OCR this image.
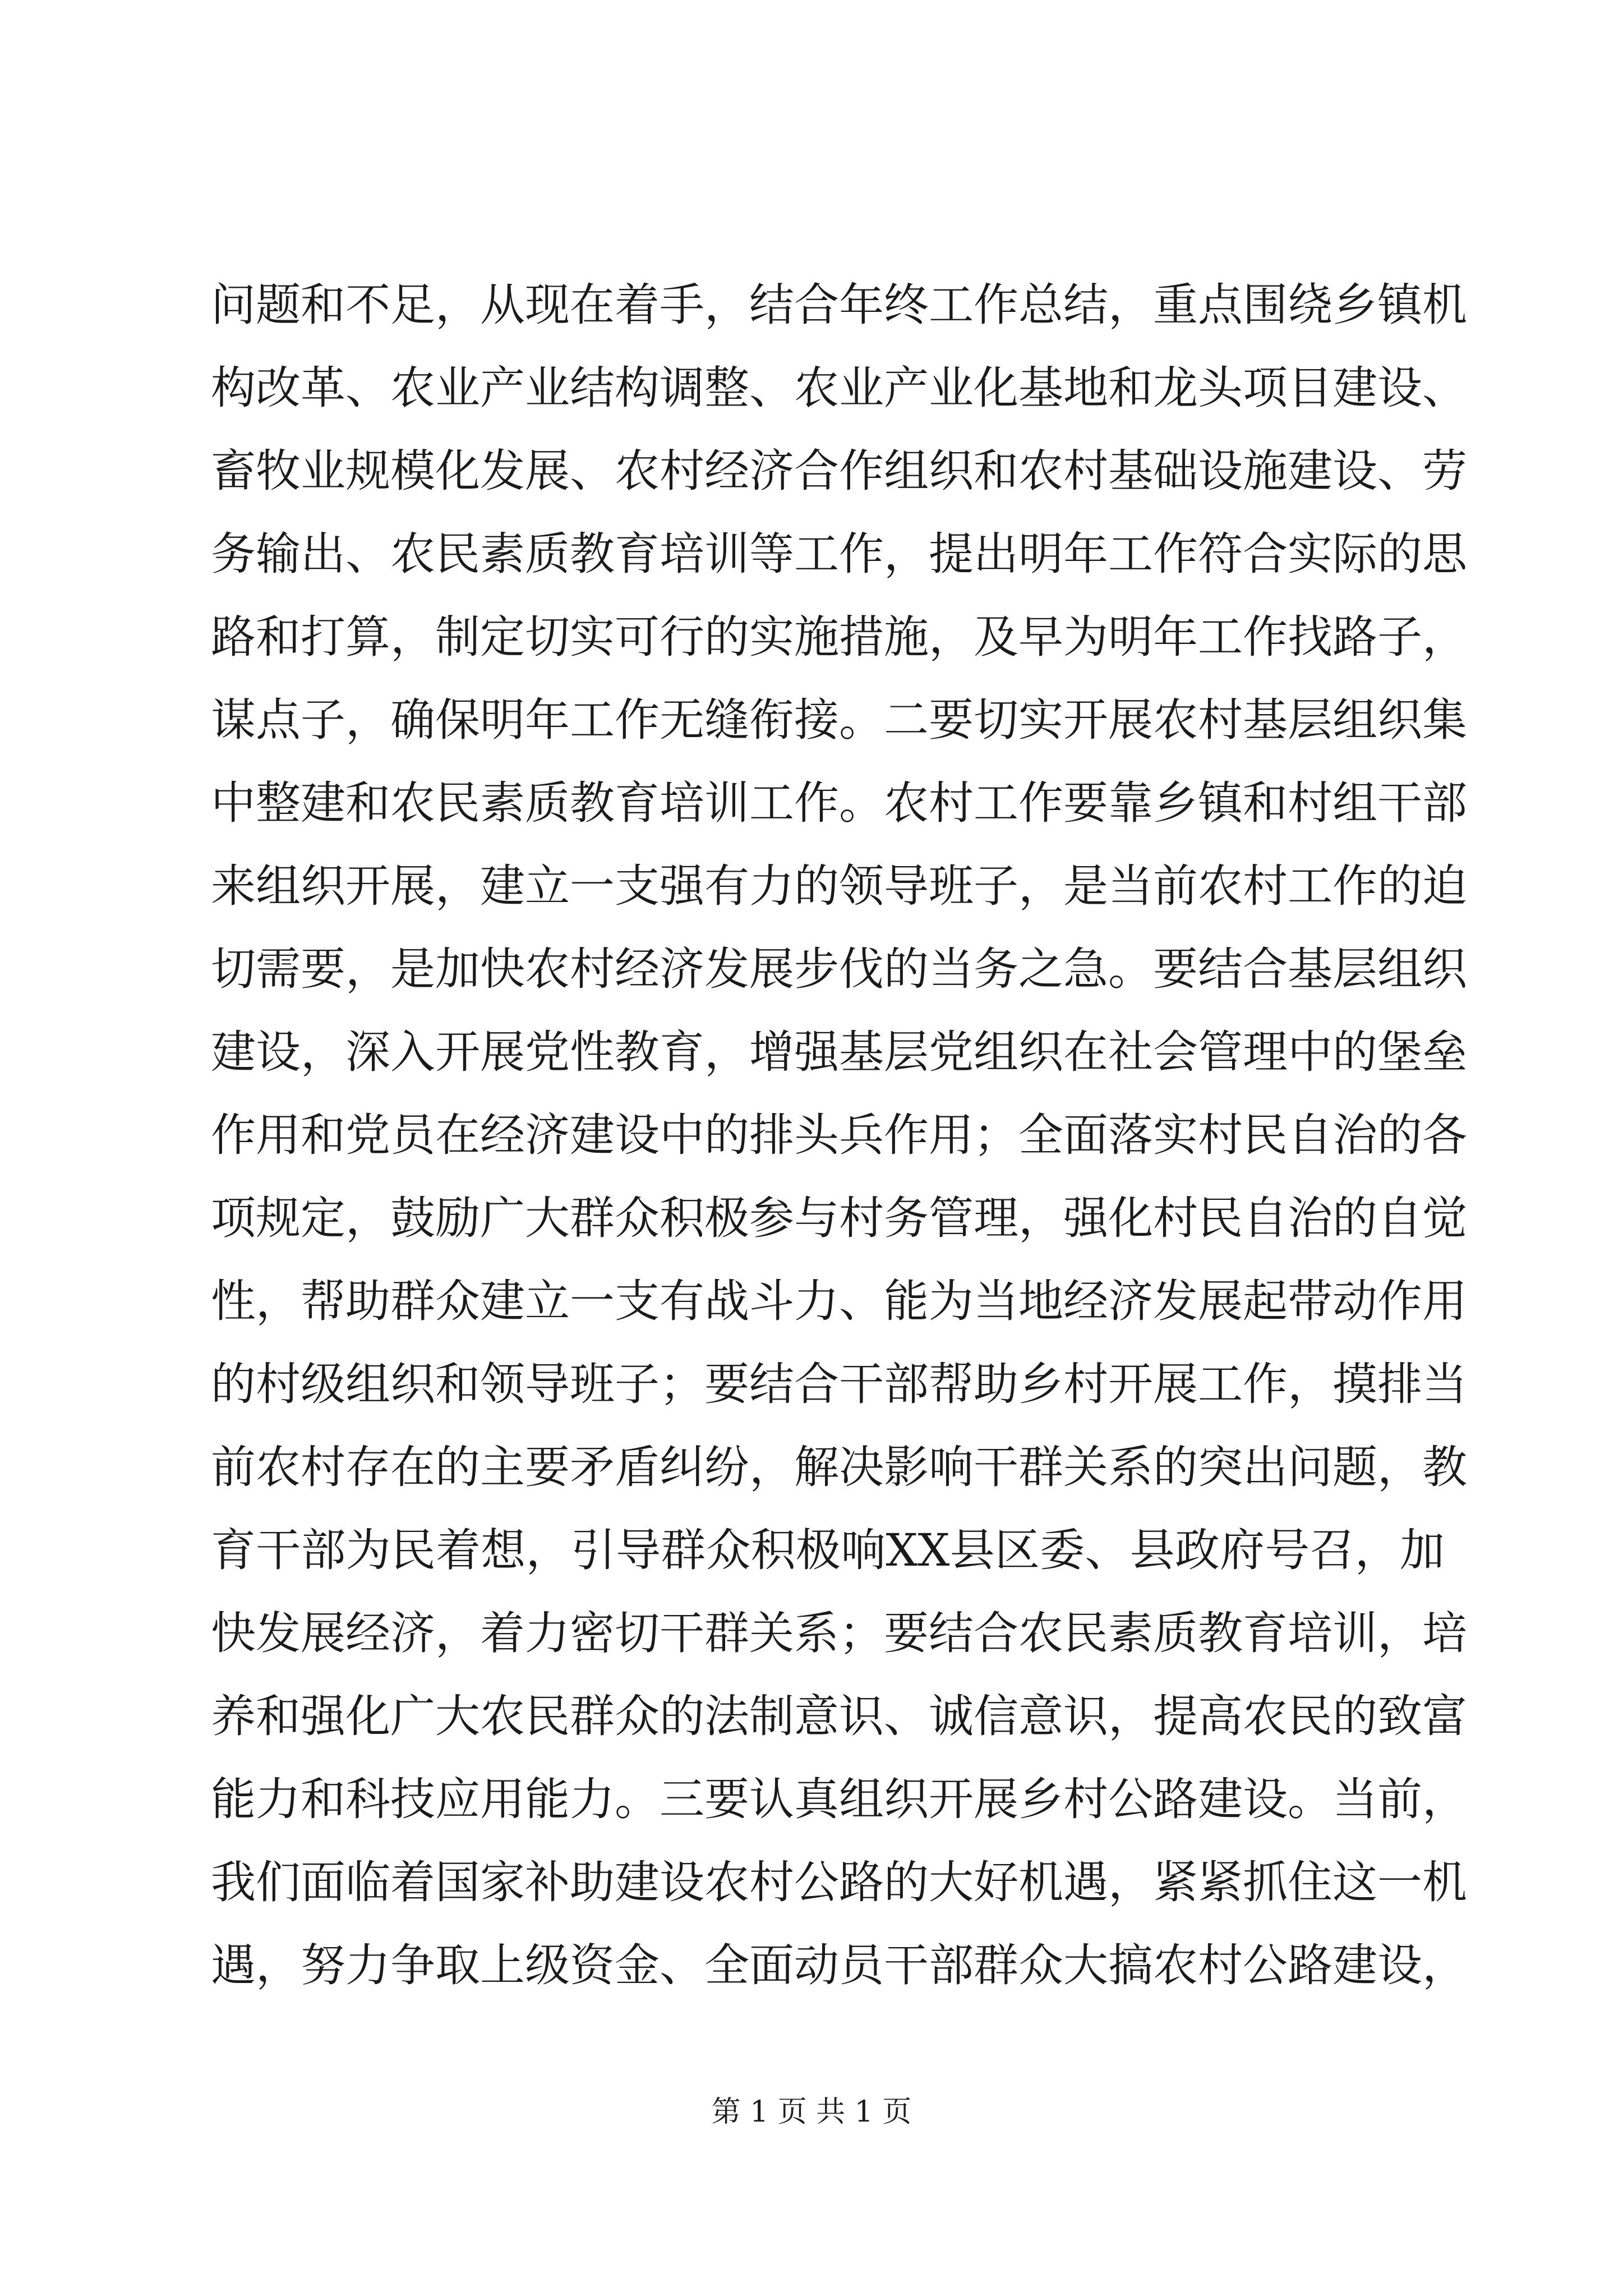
问题和不足，从现在着手，结合年终工作总结，重点围绕乡镇机
构改革、农业产业结构调整、农业产业化基地和龙头项目建设、
畜牧业规模化发展、农村经济合作组织和农村基础设施建设、劳
务输出、农民素质教育培训等工作，提出明年工作符合实际的思
路和打算，制定切实可行的实施措施，及早为明年工作找路子，
谋点子，确保明年工作无缝衔接。二要切实开展农村基层组织集
中整建和农民素质教育培训工作。农村工作要靠乡镇和村组干部
来组织开展，建立一支强有力的领导班子，是当前农村工作的迫
切需要，是加快农村经济发展步伐的当务之急。要结合基层组织
建设，深入开展党性教育，增强基层党组织在社会管理中的堡垒
作用和党员在经济建设中的排头兵作用；全面落实村民自治的各
项规定，鼓励广大群众积极参与村务管理，强化村民自治的自觉
性，帮助群众建立一支有战斗力、能为当地经济发展起带动作用
的村级组织和领导班子；要结合干部帮助乡村开展工作，摸排当
前农村存在的主要矛盾纠纷，解决影响干群关系的突出问题，教
育干部为民着想，引导群众积极响XX县区委、县政府号召，加
快发展经济，着力密切干群关系；要结合农民素质教育培训，培
养和强化广大农民群众的法制意识、诚信意识，提高农民的致富
能力和科技应用能力。三要认真组织开展乡村公路建设。当前，
我们面临着国家补助建设农村公路的大好机遇，紧紧抓住这一机
遇，努力争取上级资金、全面动员干部群众大搞农村公路建设，
第 1 页 共 1 页
